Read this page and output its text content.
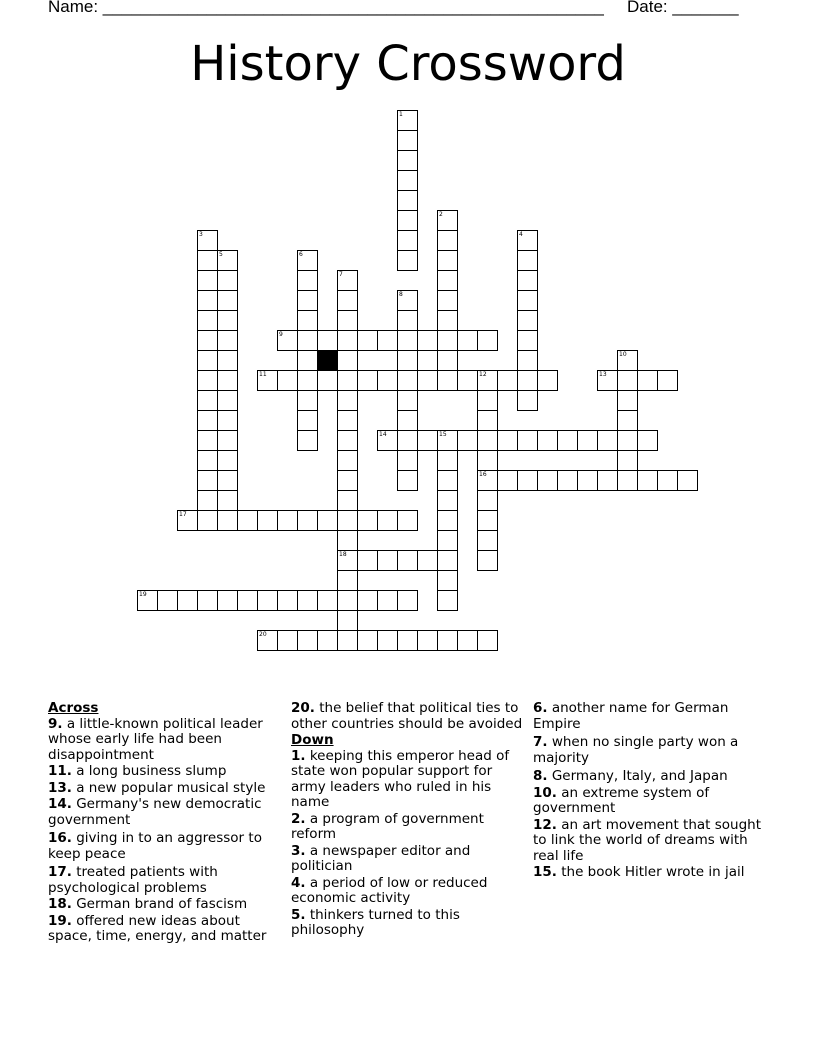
Name: _____________________________________________________ Date: _______
History Crossword
1
2
3	4
5	6
7
18
8
9
10
11	12
16
13
14	15
17
19
20
Across
9. a little-known political leader whose early life had been disappointment
11. a long business slump
13. a new popular musical style
14. Germany's new democratic government
16. giving in to an aggressor to keep peace
17. treated patients with psychological problems
18. German brand of fascism
19. offered new ideas about space, time, energy, and matter
20. the belief that political ties to other countries should be avoided
Down
1. keeping this emperor head of state won popular support for army leaders who ruled in his name
2. a program of government reform
3. a newspaper editor and politician
4. a period of low or reduced economic activity
5. thinkers turned to this philosophy
6. another name for German Empire
7. when no single party won a majority
8. Germany, Italy, and Japan
10. an extreme system of government
12. an art movement that sought to link the world of dreams with real life
15. the book Hitler wrote in jail
